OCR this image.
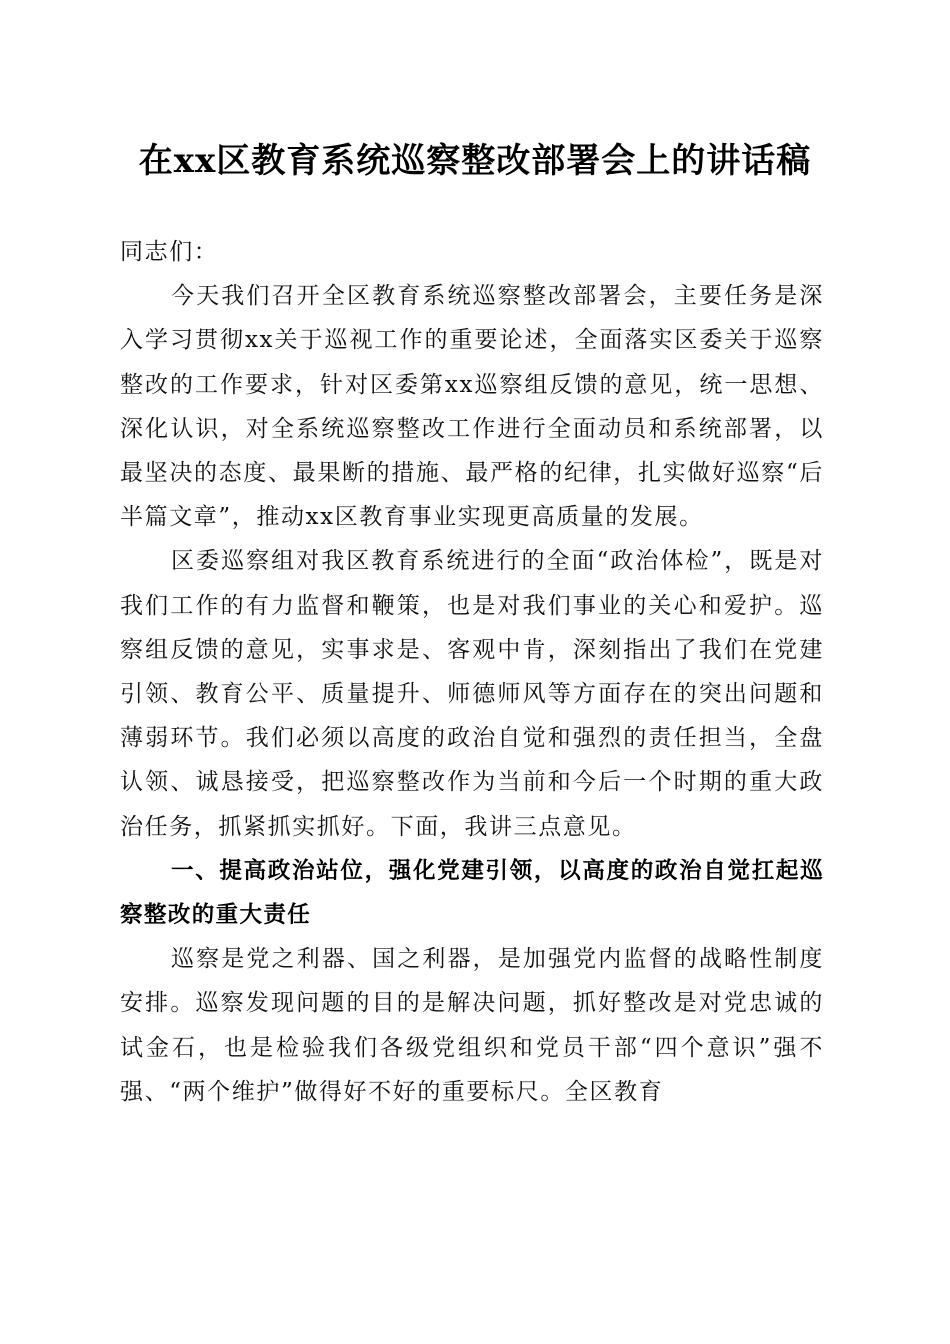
在xx区教育系统巡察整改部署会上的讲话稿

同志们：

今天我们召开全区教育系统巡察整改部署会，主要任务是深入学习贯彻xx关于巡视工作的重要论述，全面落实区委关于巡察整改的工作要求，针对区委第xx巡察组反馈的意见，统一思想、深化认识，对全系统巡察整改工作进行全面动员和系统部署，以最坚决的态度、最果断的措施、最严格的纪律，扎实做好巡察“后半篇文章”，推动xx区教育事业实现更高质量的发展。

区委巡察组对我区教育系统进行的全面“政治体检”，既是对我们工作的有力监督和鞭策，也是对我们事业的关心和爱护。巡察组反馈的意见，实事求是、客观中肯，深刻指出了我们在党建引领、教育公平、质量提升、师德师风等方面存在的突出问题和薄弱环节。我们必须以高度的政治自觉和强烈的责任担当，全盘认领、诚恳接受，把巡察整改作为当前和今后一个时期的重大政治任务，抓紧抓实抓好。下面，我讲三点意见。

一、提高政治站位，强化党建引领，以高度的政治自觉扛起巡察整改的重大责任

巡察是党之利器、国之利器，是加强党内监督的战略性制度安排。巡察发现问题的目的是解决问题，抓好整改是对党忠诚的试金石，也是检验我们各级党组织和党员干部“四个意识”强不强、“两个维护”做得好不好的重要标尺。全区教育
